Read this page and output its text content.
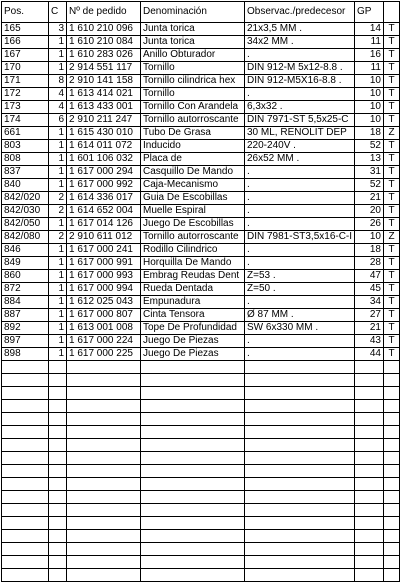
Pos.	C	Nº de pedido	Denominación	Observac./predecesor	GP	
165	3	1 610 210 096	Junta torica	21x3,5 MM .	14	T
166	1	1 610 210 084	Junta torica	34x2 MM .	11	T
167	1	1 610 283 026	Anillo Obturador	.	16	T
170	1	2 914 551 117	Tornillo	DIN 912-M 5x12-8.8 .	11	T
171	8	2 910 141 158	Tornillo cilindrica hex	DIN 912-M5X16-8.8 .	10	T
172	4	1 613 414 021	Tornillo	.	10	T
173	4	1 613 433 001	Tornillo Con Arandela	6,3x32 .	10	T
174	6	2 910 211 247	Tornillo autorroscante	DIN 7971-ST 5,5x25-C	10	T
661	1	1 615 430 010	Tubo De Grasa	30 ML, RENOLIT DEP	18	Z
803	1	1 614 011 072	Inducido	220-240V .	52	T
808	1	1 601 106 032	Placa de	26x52 MM .	13	T
837	1	1 617 000 294	Casquillo De Mando	.	31	T
840	1	1 617 000 992	Caja-Mecanismo	.	52	T
842/020	2	1 614 336 017	Guia De Escobillas	.	21	T
842/030	2	1 614 652 004	Muelle Espiral	.	20	T
842/050	1	1 617 014 126	Juego De Escobillas	.	26	T
842/080	2	2 910 611 012	Tornillo autorroscante	DIN 7981-ST3,5x16-C-I	10	Z
846	1	1 617 000 241	Rodillo Cilindrico	.	18	T
849	1	1 617 000 991	Horquilla De Mando	.	28	T
860	1	1 617 000 993	Embrag Reudas Dent	Z=53 .	47	T
872	1	1 617 000 994	Rueda Dentada	Z=50 .	45	T
884	1	1 612 025 043	Empunadura	.	34	T
887	1	1 617 000 807	Cinta Tensora	Ø 87 MM .	27	T
892	1	1 613 001 008	Tope De Profundidad	SW 6x330 MM .	21	T
897	1	1 617 000 224	Juego De Piezas	.	43	T
898	1	1 617 000 225	Juego De Piezas	.	44	T
